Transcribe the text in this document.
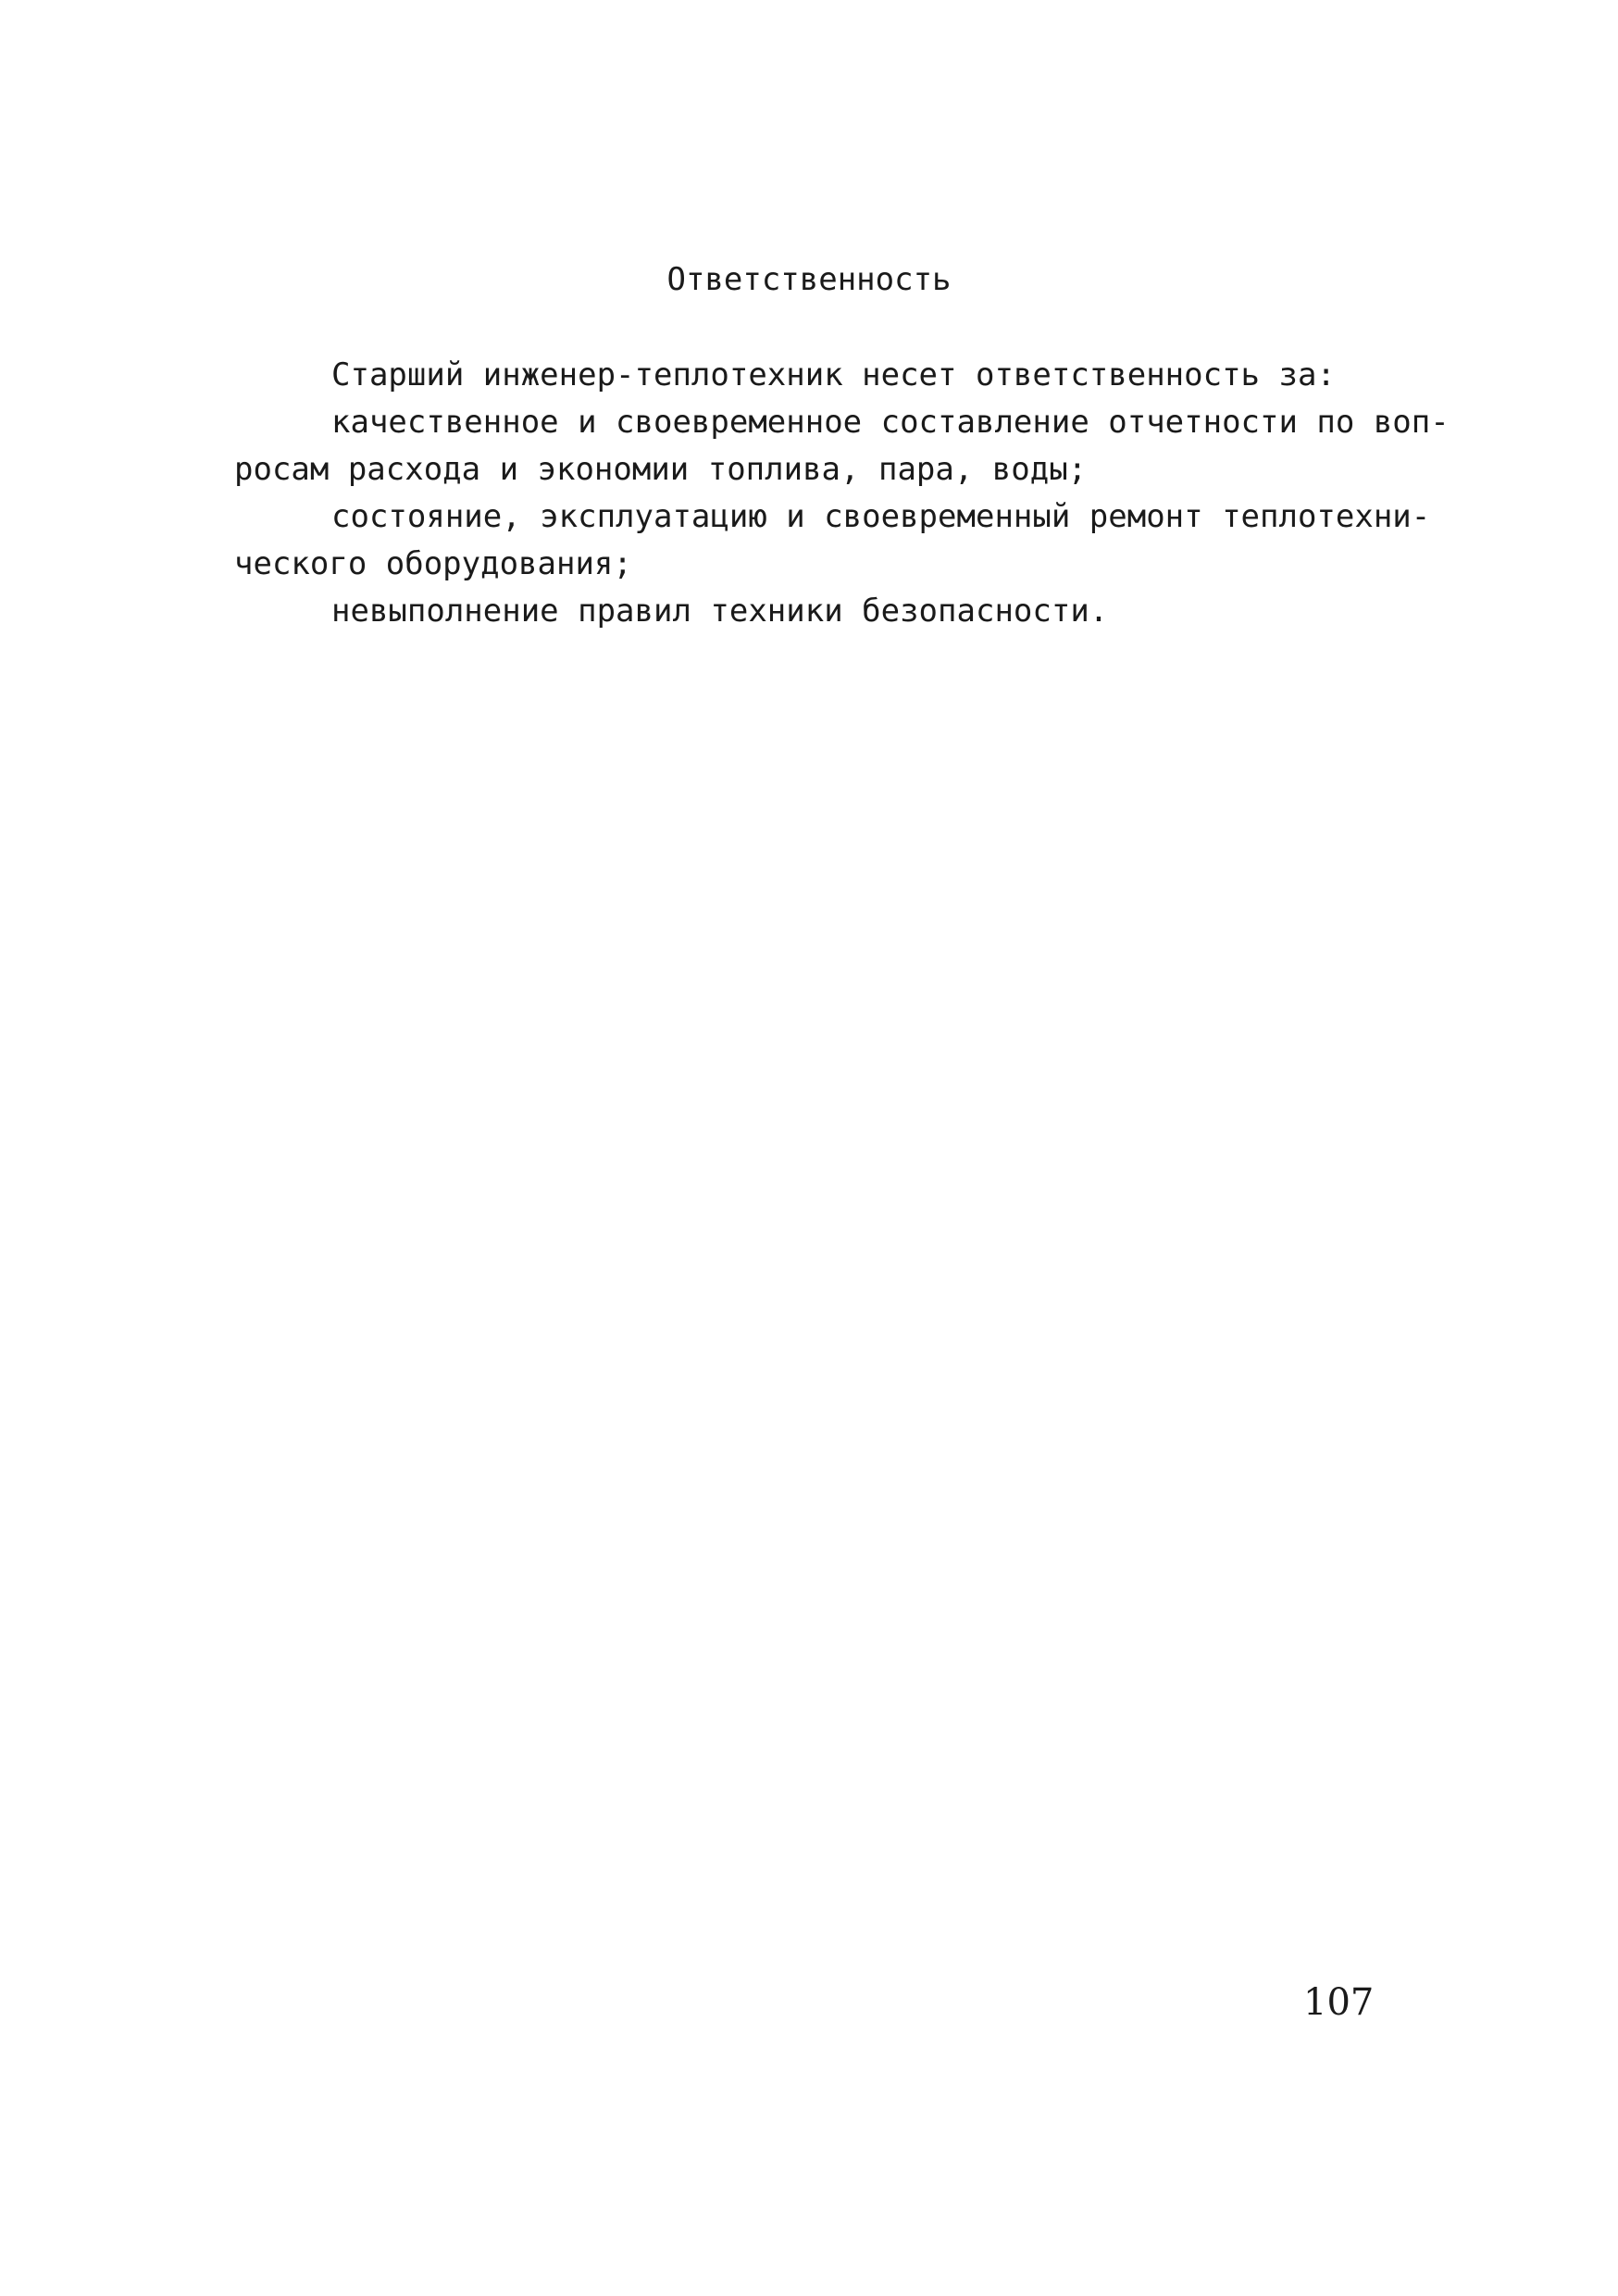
Ответственность
Старший инженер-теплотехник несет ответственность за:
качественное и своевременное составление отчетности по воп-
росам расхода и экономии топлива, пара, воды;
состояние, эксплуатацию и своевременный ремонт теплотехни-
ческого оборудования;
невыполнение правил техники безопасности.
107
